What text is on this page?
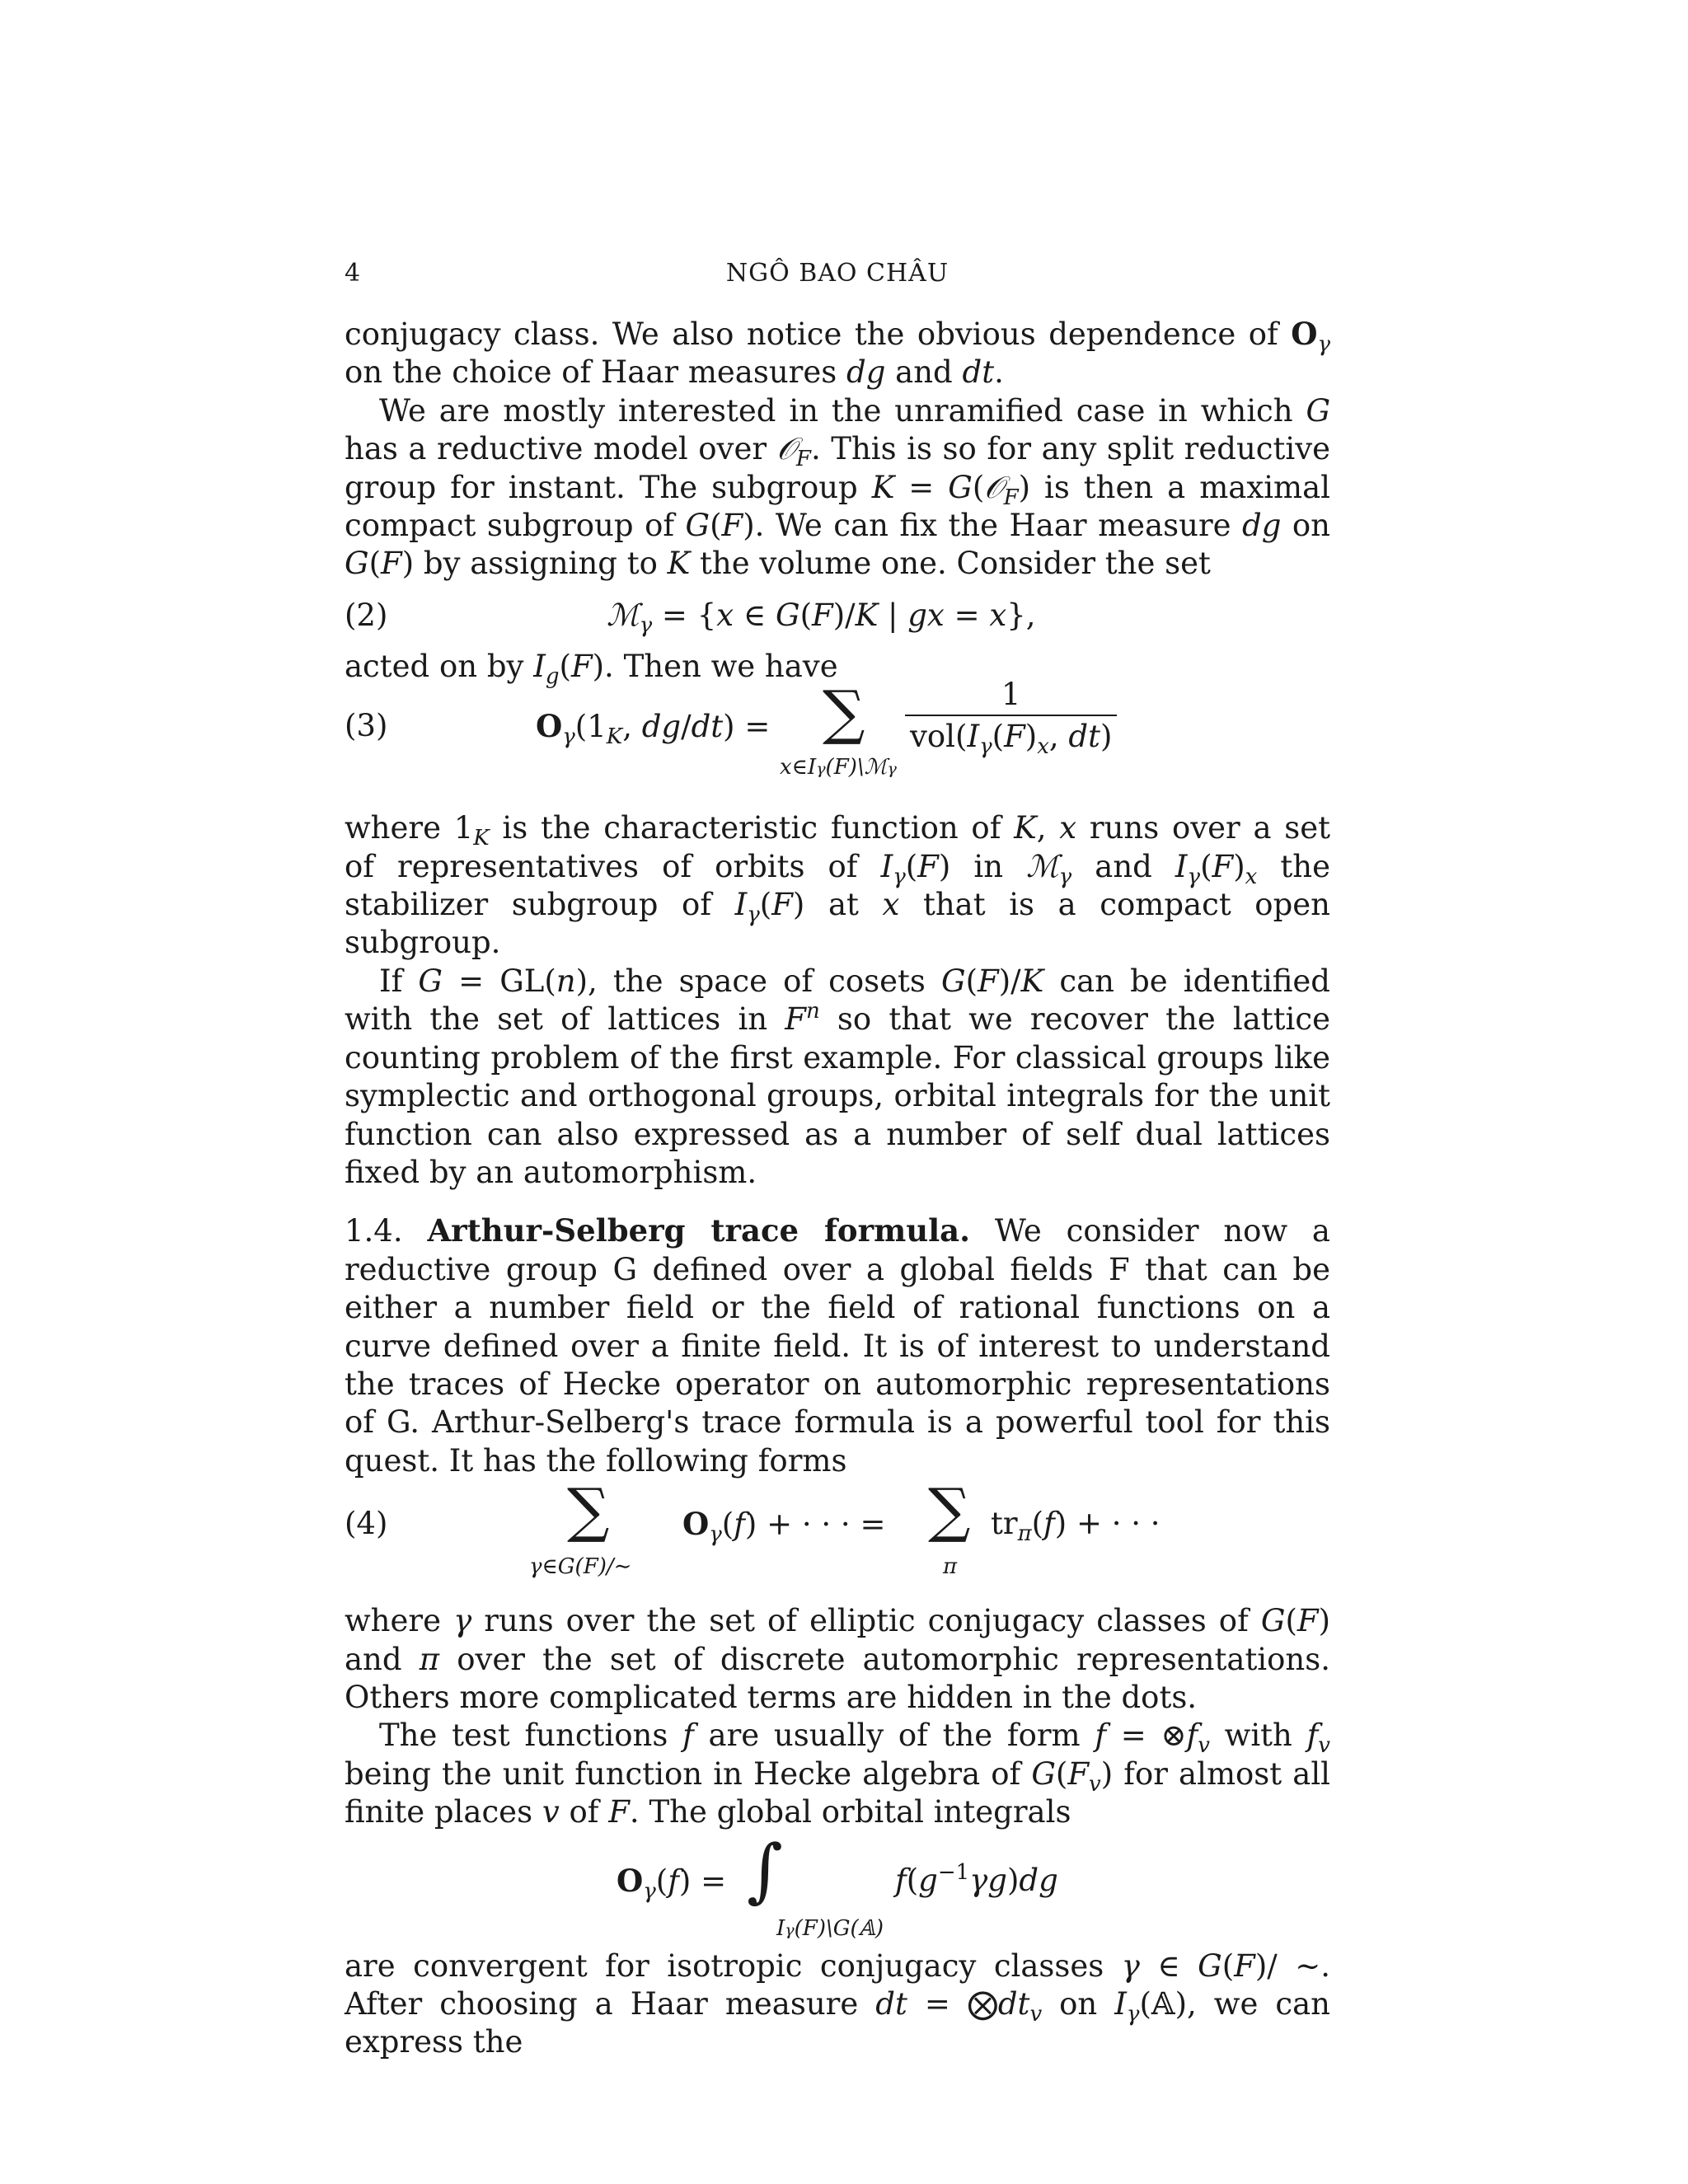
4	NGÔ BAO CHÂU

conjugacy class. We also notice the obvious dependence of $O_\gamma$ on the choice of Haar measures dg and dt.

We are mostly interested in the unramified case in which G has a reductive model over 𝒪$_F$. This is so for any split reductive group for instant. The subgroup K = G(𝒪$_F$) is then a maximal compact subgroup of G(F). We can fix the Haar measure dg on G(F) by assigning to K the volume one. Consider the set

(2)	ℳ$_\gamma$ = {x ∈ G(F)/K | gx = x},

acted on by $I_g(F)$. Then we have

(3)	$O_\gamma(1_K$, dg/dt) = ∑
x∈Iγ(F)\ℳγ
$\frac{1}{vol(I_\gamma(F)_x, dt)}$

where $1_K$ is the characteristic function of K, x runs over a set of representatives of orbits of $I_\gamma(F)$ in ℳ$_\gamma$ and $I_\gamma(F)_x$ the stabilizer subgroup of $I_\gamma(F)$ at x that is a compact open subgroup.

If G = GL(n), the space of cosets G(F)/K can be identified with the set of lattices in $F^n$ so that we recover the lattice counting problem of the first example. For classical groups like symplectic and orthogonal groups, orbital integrals for the unit function can also expressed as a number of self dual lattices fixed by an automorphism.

1.4. Arthur-Selberg trace formula. We consider now a reductive group G defined over a global fields F that can be either a number field or the field of rational functions on a curve defined over a finite field. It is of interest to understand the traces of Hecke operator on automorphic representations of G. Arthur-Selberg's trace formula is a powerful tool for this quest. It has the following forms

(4)	∑
γ∈G(F)/∼
$O_\gamma(f)$ + · · · = ∑
π
$tr_\pi(f)$ + · · ·

where γ runs over the set of elliptic conjugacy classes of G(F) and π over the set of discrete automorphic representations. Others more complicated terms are hidden in the dots.

The test functions f are usually of the form $f = \otimes f_v$ with $f_v$ being the unit function in Hecke algebra of $G(F_v)$ for almost all finite places v of F. The global orbital integrals

$O_\gamma(f)$ = ∫
Iγ(F)\G(𝔸)
$f(g^{-1}\gamma g)dg$

are convergent for isotropic conjugacy classes γ ∈ G(F)/ ∼. After choosing a Haar measure dt = $⨂dt_v$ on $I_\gamma(𝔸)$, we can express the
